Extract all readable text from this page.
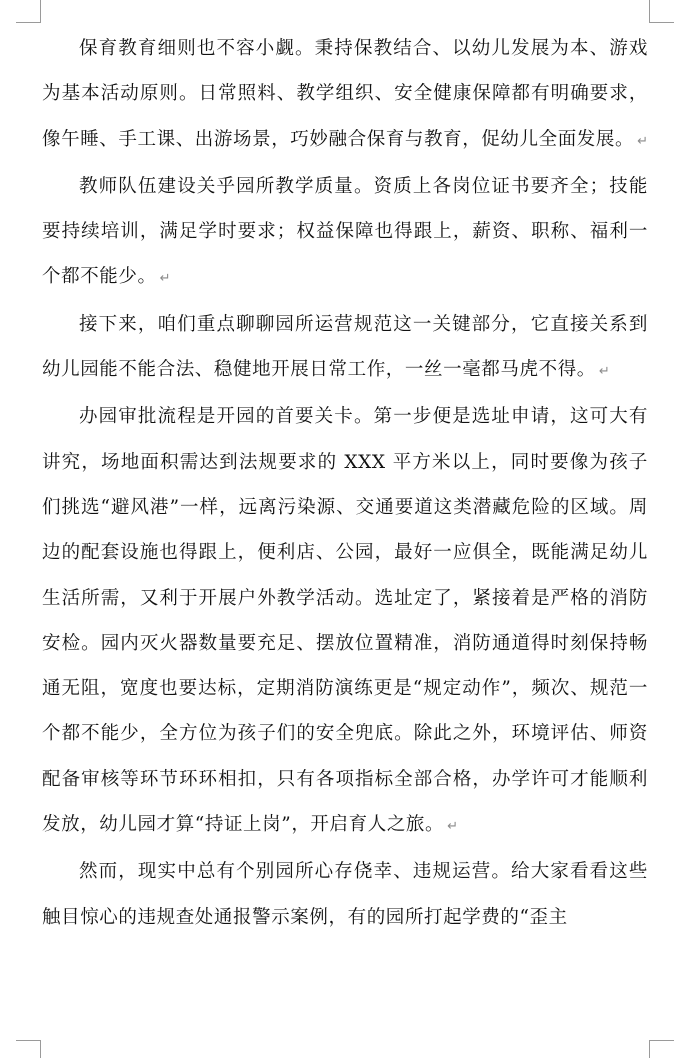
保育教育细则也不容小觑。秉持保教结合、以幼儿发展为本、游戏为基本活动原则。日常照料、教学组织、安全健康保障都有明确要求，像午睡、手工课、出游场景，巧妙融合保育与教育，促幼儿全面发展。 ↵

教师队伍建设关乎园所教学质量。资质上各岗位证书要齐全；技能要持续培训，满足学时要求；权益保障也得跟上，薪资、职称、福利一个都不能少。 ↵

接下来，咱们重点聊聊园所运营规范这一关键部分，它直接关系到幼儿园能不能合法、稳健地开展日常工作，一丝一毫都马虎不得。 ↵

办园审批流程是开园的首要关卡。第一步便是选址申请，这可大有讲究，场地面积需达到法规要求的 XXX 平方米以上，同时要像为孩子们挑选“避风港”一样，远离污染源、交通要道这类潜藏危险的区域。周边的配套设施也得跟上，便利店、公园，最好一应俱全，既能满足幼儿生活所需，又利于开展户外教学活动。选址定了，紧接着是严格的消防安检。园内灭火器数量要充足、摆放位置精准，消防通道得时刻保持畅通无阻，宽度也要达标，定期消防演练更是“规定动作”，频次、规范一个都不能少，全方位为孩子们的安全兜底。除此之外，环境评估、师资配备审核等环节环环相扣，只有各项指标全部合格，办学许可才能顺利发放，幼儿园才算“持证上岗”，开启育人之旅。 ↵

然而，现实中总有个别园所心存侥幸、违规运营。给大家看看这些触目惊心的违规查处通报警示案例，有的园所打起学费的“歪主
